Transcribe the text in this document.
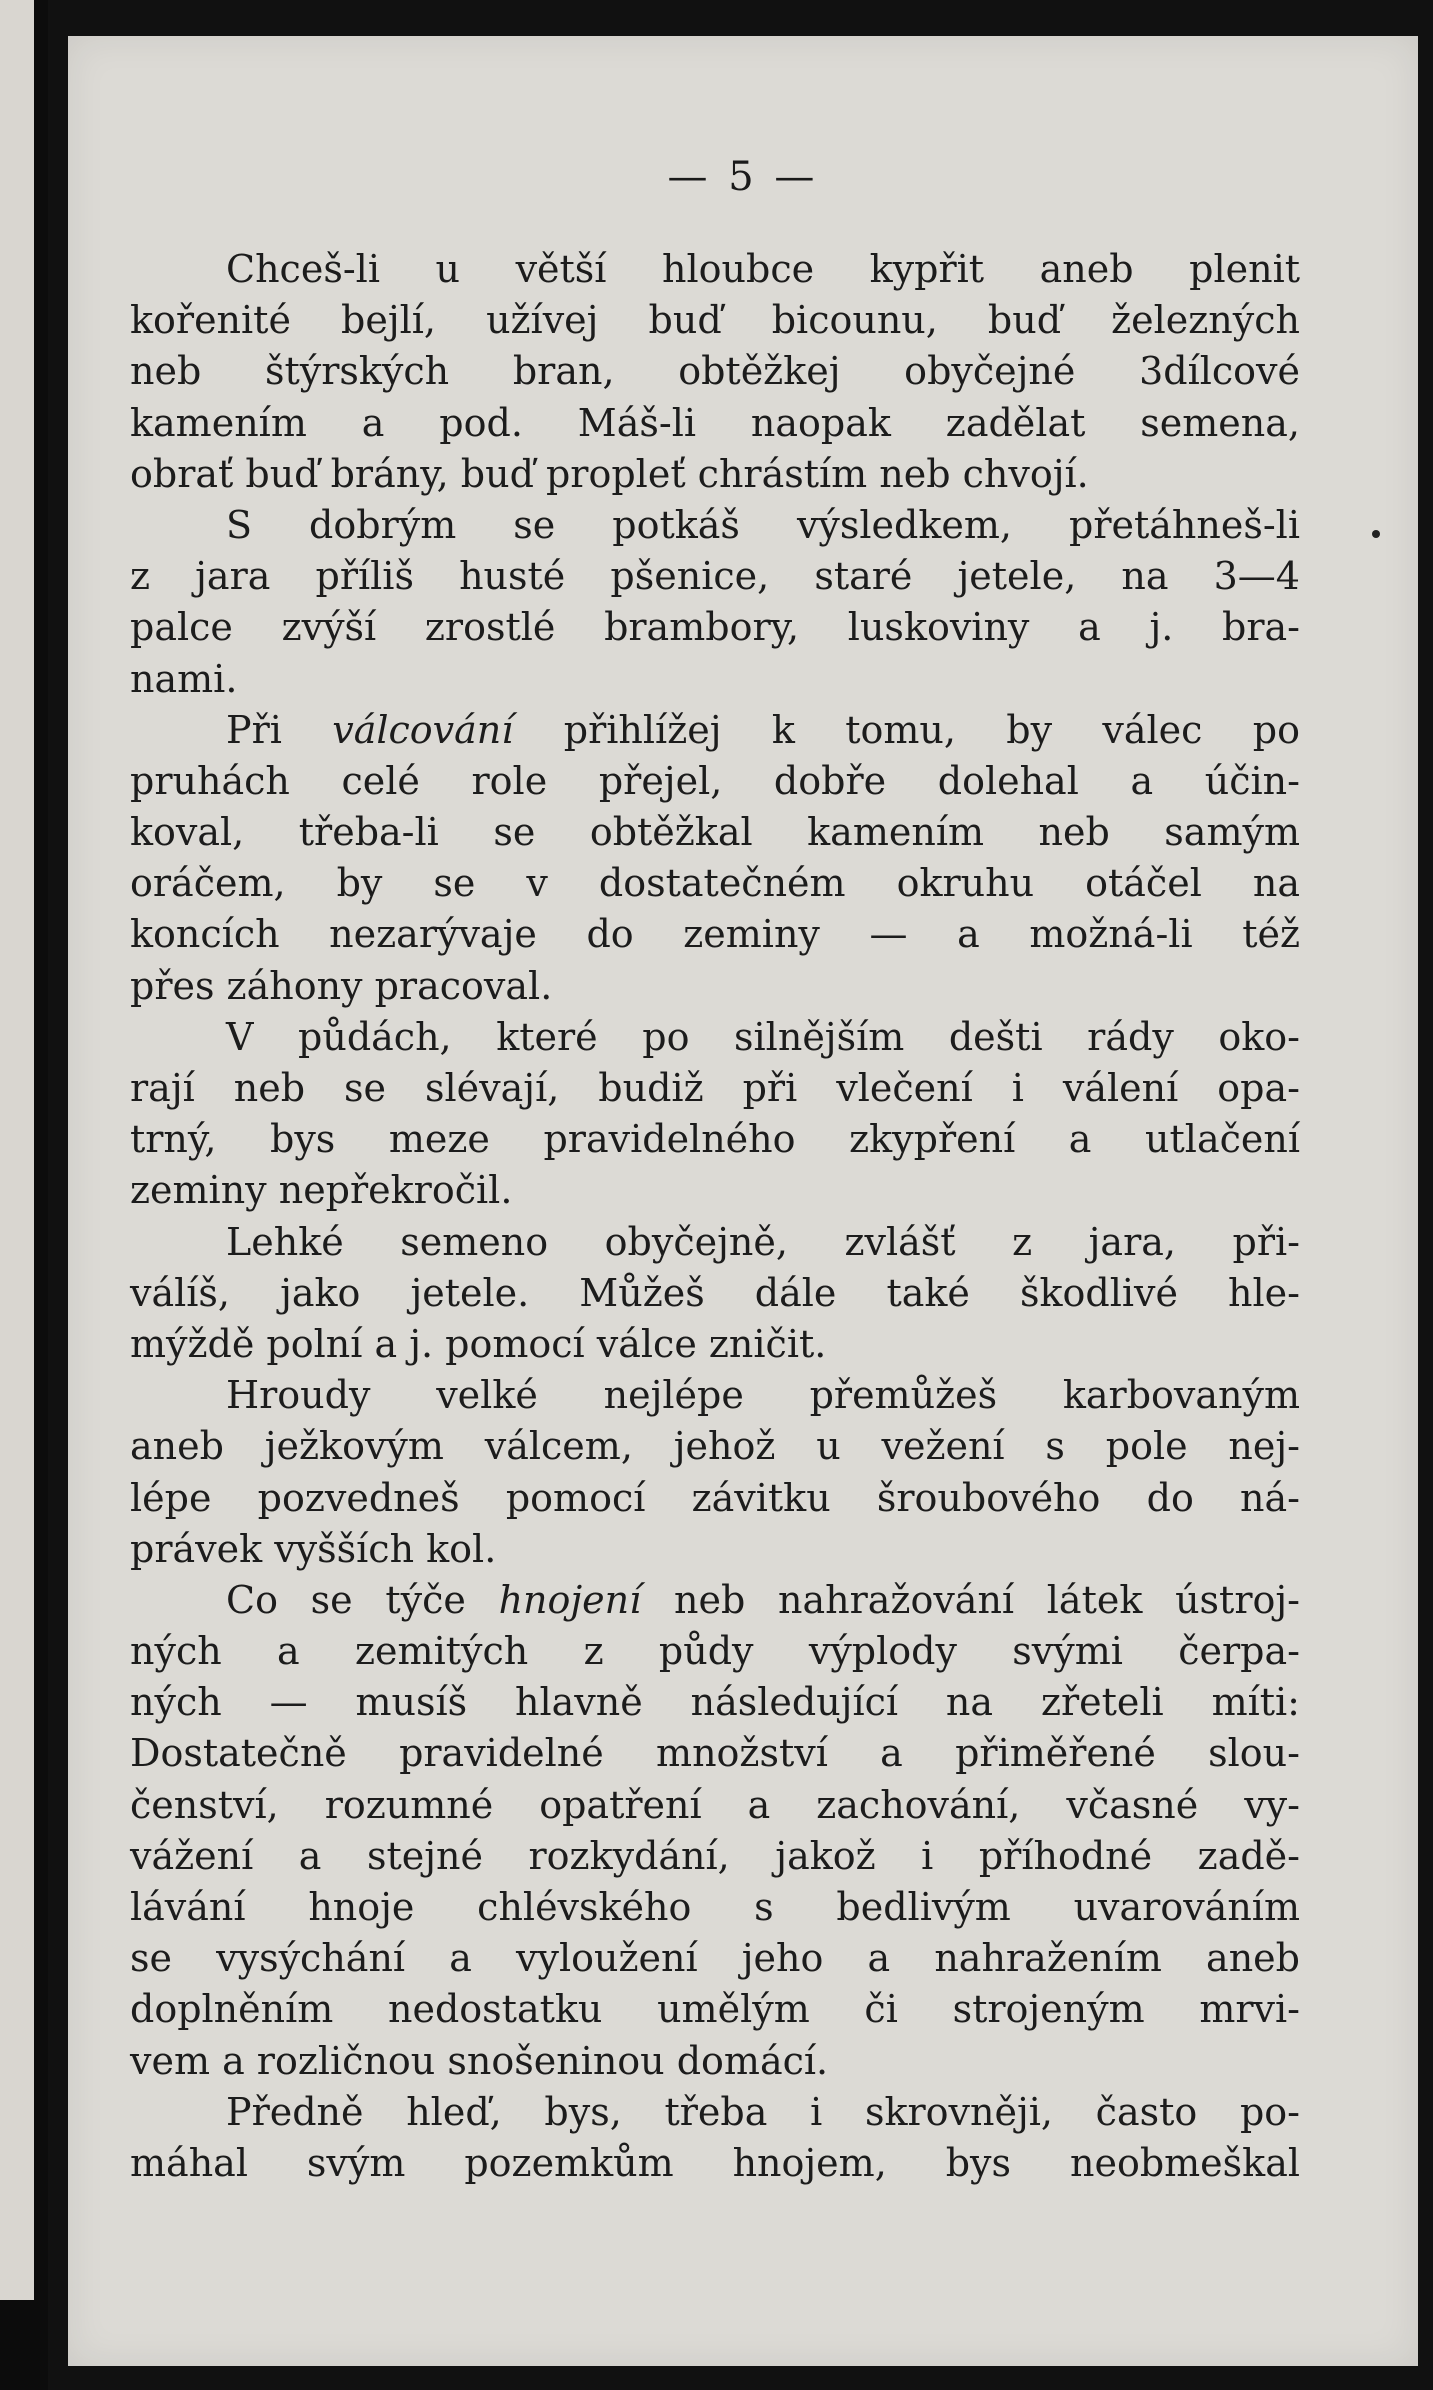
— 5 —
Chceš-li u větší hloubce kypřit aneb plenit
kořenité bejlí, užívej buď bicounu, buď železných
neb štýrských bran, obtěžkej obyčejné 3dílcové
kamením a pod. Máš-li naopak zadělat semena,
obrať buď brány, buď propleť chrástím neb chvojí.
S dobrým se potkáš výsledkem, přetáhneš-li
z jara příliš husté pšenice, staré jetele, na 3—4
palce zvýší zrostlé brambory, luskoviny a j. bra-
nami.
Při válcování přihlížej k tomu, by válec po
pruhách celé role přejel, dobře dolehal a účin-
koval, třeba-li se obtěžkal kamením neb samým
oráčem, by se v dostatečném okruhu otáčel na
koncích nezarývaje do zeminy — a možná-li též
přes záhony pracoval.
V půdách, které po silnějším dešti rády oko-
rají neb se slévají, budiž při vlečení i válení opa-
trný, bys meze pravidelného zkypření a utlačení
zeminy nepřekročil.
Lehké semeno obyčejně, zvlášť z jara, při-
válíš, jako jetele. Můžeš dále také škodlivé hle-
mýždě polní a j. pomocí válce zničit.
Hroudy velké nejlépe přemůžeš karbovaným
aneb ježkovým válcem, jehož u vežení s pole nej-
lépe pozvedneš pomocí závitku šroubového do ná-
právek vyšších kol.
Co se týče hnojení neb nahražování látek ústroj-
ných a zemitých z půdy výplody svými čerpa-
ných — musíš hlavně následující na zřeteli míti:
Dostatečně pravidelné množství a přiměřené slou-
čenství, rozumné opatření a zachování, včasné vy-
vážení a stejné rozkydání, jakož i příhodné zadě-
lávání hnoje chlévského s bedlivým uvarováním
se vysýchání a vyloužení jeho a nahražením aneb
doplněním nedostatku umělým či strojeným mrvi-
vem a rozličnou snošeninou domácí.
Předně hleď, bys, třeba i skrovněji, často po-
máhal svým pozemkům hnojem, bys neobmeškal
